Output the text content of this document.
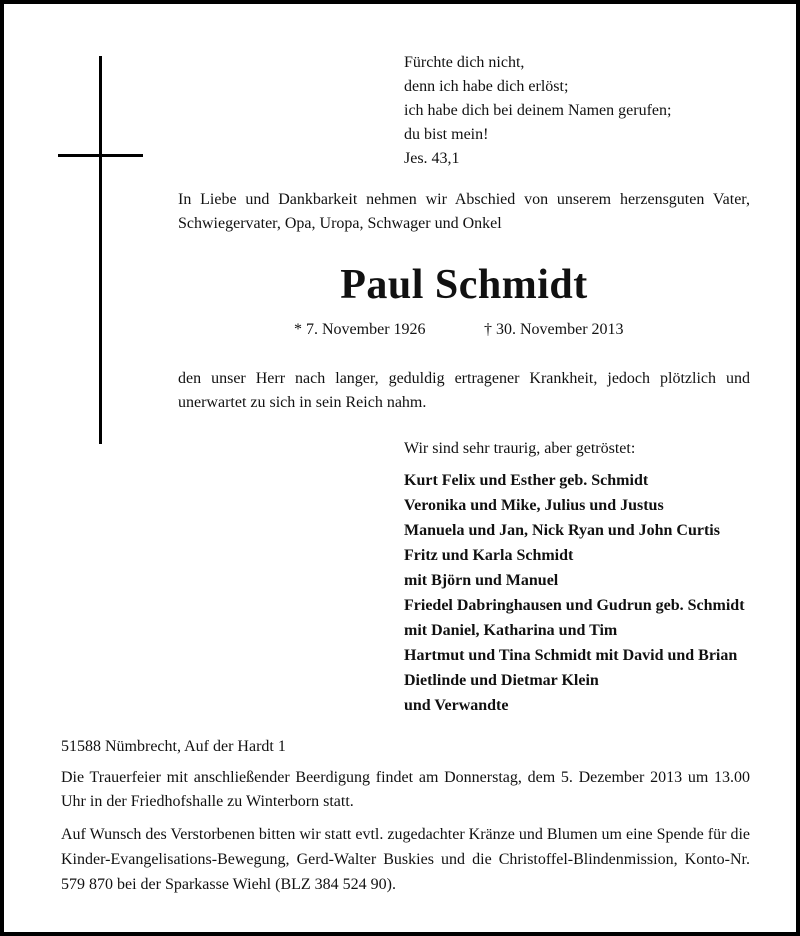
Fürchte dich nicht,
denn ich habe dich erlöst;
ich habe dich bei deinem Namen gerufen;
du bist mein!
Jes. 43,1
In Liebe und Dankbarkeit nehmen wir Abschied von unserem herzensguten Vater, Schwiegervater, Opa, Uropa, Schwager und Onkel
Paul Schmidt
* 7. November 1926	† 30. November 2013
den unser Herr nach langer, geduldig ertragener Krankheit, jedoch plötzlich und unerwartet zu sich in sein Reich nahm.
Wir sind sehr traurig, aber getröstet:
Kurt Felix und Esther geb. Schmidt
Veronika und Mike, Julius und Justus
Manuela und Jan, Nick Ryan und John Curtis
Fritz und Karla Schmidt
mit Björn und Manuel
Friedel Dabringhausen und Gudrun geb. Schmidt
mit Daniel, Katharina und Tim
Hartmut und Tina Schmidt mit David und Brian
Dietlinde und Dietmar Klein
und Verwandte
51588 Nümbrecht, Auf der Hardt 1
Die Trauerfeier mit anschließender Beerdigung findet am Donnerstag, dem 5. Dezember 2013 um 13.00 Uhr in der Friedhofshalle zu Winterborn statt.
Auf Wunsch des Verstorbenen bitten wir statt evtl. zugedachter Kränze und Blumen um eine Spende für die Kinder-Evangelisations-Bewegung, Gerd-Walter Buskies und die Christoffel-Blindenmission, Konto-Nr. 579 870 bei der Sparkasse Wiehl (BLZ 384 524 90).
